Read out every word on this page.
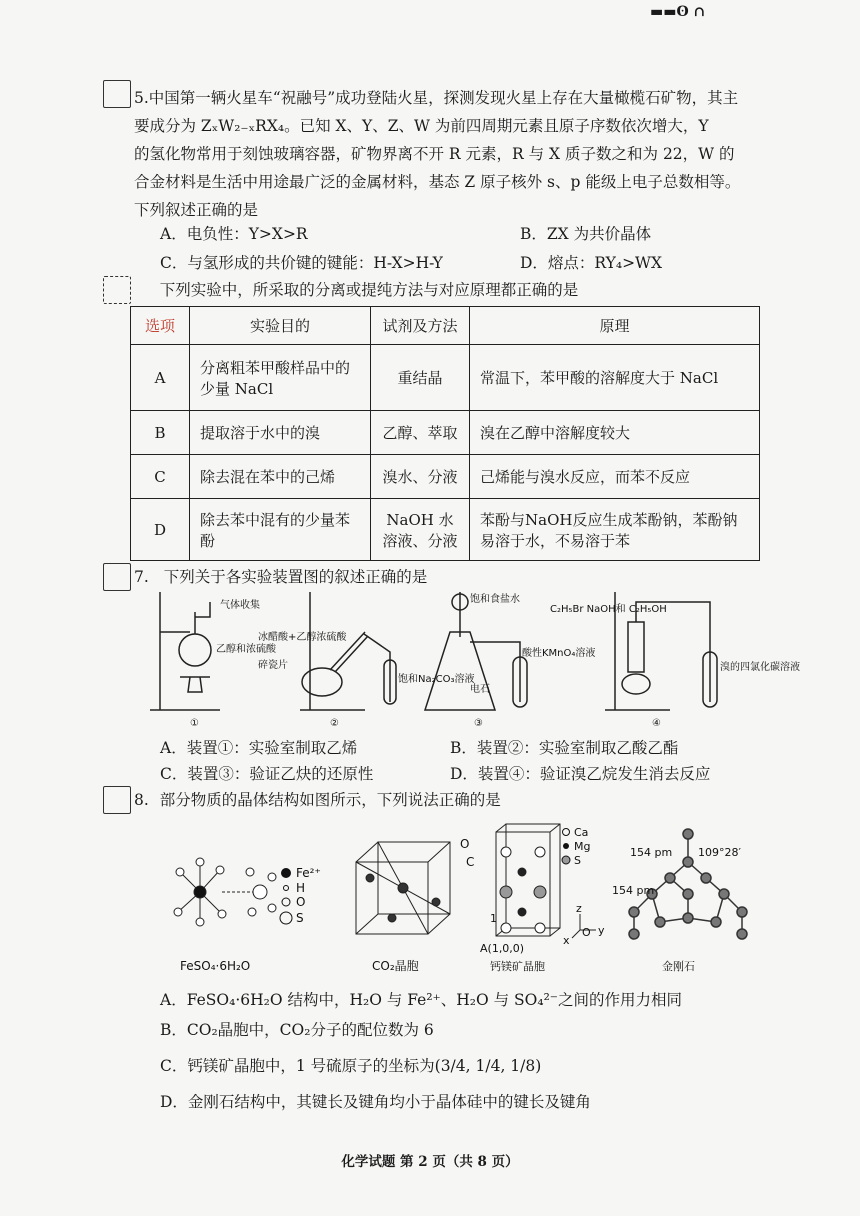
▬▬ʘ ∩
5.中国第一辆火星车“祝融号”成功登陆火星，探测发现火星上存在大量橄榄石矿物，其主
要成分为 ZₓW₂₋ₓRX₄。已知 X、Y、Z、W 为前四周期元素且原子序数依次增大，Y
的氢化物常用于刻蚀玻璃容器，矿物界离不开 R 元素，R 与 X 质子数之和为 22，W 的
合金材料是生活中用途最广泛的金属材料，基态 Z 原子核外 s、p 能级上电子总数相等。
下列叙述正确的是
A．电负性：Y>X>R	B．ZX 为共价晶体
C．与氢形成的共价键的键能：H-X>H-Y	D．熔点：RY₄>WX
下列实验中，所采取的分离或提纯方法与对应原理都正确的是
选项	实验目的	试剂及方法	原理
A	分离粗苯甲酸样品中的少量 NaCl	重结晶	常温下，苯甲酸的溶解度大于 NaCl
B	提取溶于水中的溴	乙醇、萃取	溴在乙醇中溶解度较大
C	除去混在苯中的己烯	溴水、分液	己烯能与溴水反应，而苯不反应
D	除去苯中混有的少量苯酚	NaOH 水溶液、分液	苯酚与NaOH反应生成苯酚钠，苯酚钠易溶于水，不易溶于苯
7. 下列关于各实验装置图的叙述正确的是
气体收集
乙醇和浓硫酸
冰醋酸+乙醇浓硫酸
碎瓷片
饱和Na₂CO₃溶液
饱和食盐水
电石
酸性KMnO₄溶液
C₂H₅Br NaOH和 C₂H₅OH
溴的四氯化碳溶液
①	②	③	④
A．装置①：实验室制取乙烯	B．装置②：实验室制取乙酸乙酯
C．装置③：验证乙炔的还原性	D．装置④：验证溴乙烷发生消去反应
8. 部分物质的晶体结构如图所示，下列说法正确的是
Fe²⁺
H
O
S
FeSO₄·6H₂O
O
C
CO₂晶胞
Ca
Mg
S
z
O y
x
1
A(1,0,0)
钙镁矿晶胞
154 pm 109°28′
154 pm
金刚石
A．FeSO₄·6H₂O 结构中，H₂O 与 Fe²⁺、H₂O 与 SO₄²⁻之间的作用力相同
B．CO₂晶胞中，CO₂分子的配位数为 6
C．钙镁矿晶胞中，1 号硫原子的坐标为(3/4, 1/4, 1/8)
D．金刚石结构中，其键长及键角均小于晶体硅中的键长及键角
化学试题 第 2 页（共 8 页）
